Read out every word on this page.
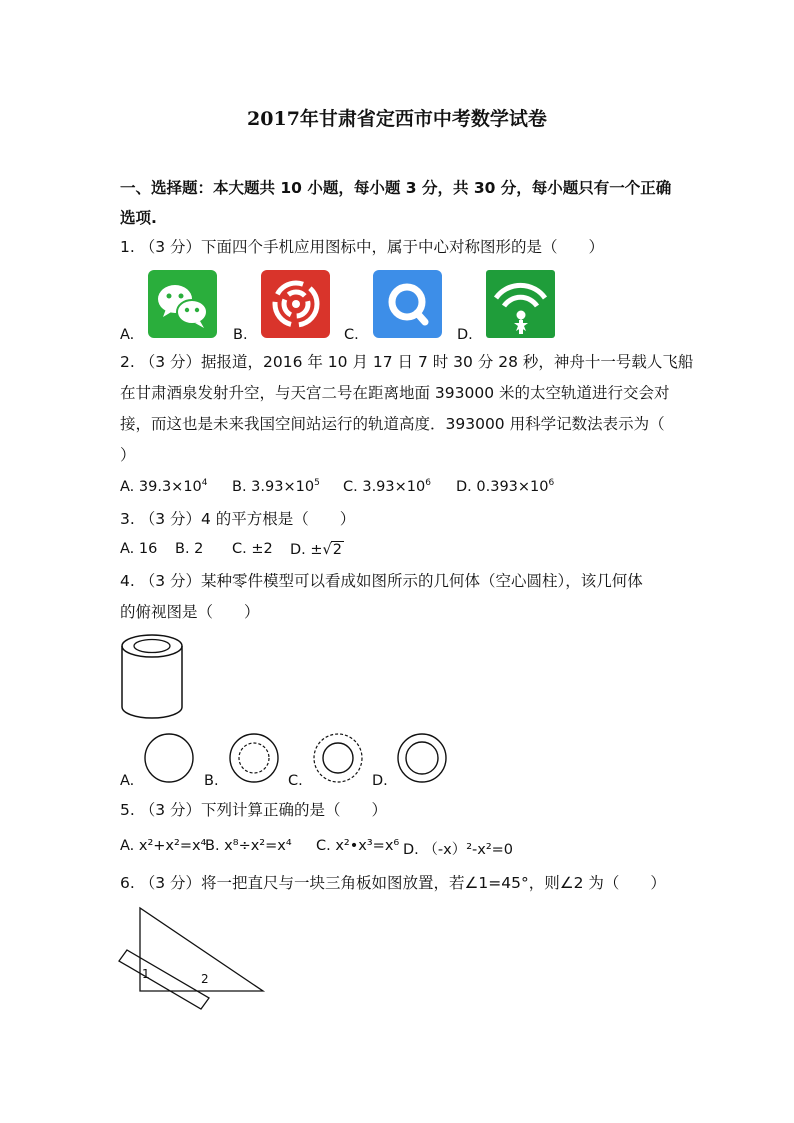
2017年甘肃省定西市中考数学试卷
一、选择题：本大题共 10 小题，每小题 3 分，共 30 分，每小题只有一个正确
选项.
1. （3 分）下面四个手机应用图标中，属于中心对称图形的是（　　）
A.	B.	C.	D.
2. （3 分）据报道，2016 年 10 月 17 日 7 时 30 分 28 秒，神舟十一号载人飞船
在甘肃酒泉发射升空，与天宫二号在距离地面 393000 米的太空轨道进行交会对
接，而这也是未来我国空间站运行的轨道高度．393000 用科学记数法表示为（
）
A. $39.3\times 10^4$ B. $3.93\times 10^5$ C. $3.93\times 10^6$ D. $0.393\times 10^6$
3. （3 分）4 的平方根是（　　）
A. 16 B. 2 C. ±2 D. ±√2
4. （3 分）某种零件模型可以看成如图所示的几何体（空心圆柱），该几何体
的俯视图是（　　）
A.	B.	C.	D.
5. （3 分）下列计算正确的是（　　）
A. x²+x²=x⁴
B. x⁸÷x²=x⁴ C. x²•x³=x⁶ D. （-x）²-x²=0
6. （3 分）将一把直尺与一块三角板如图放置，若∠1=45°，则∠2 为（　　）
1	2
